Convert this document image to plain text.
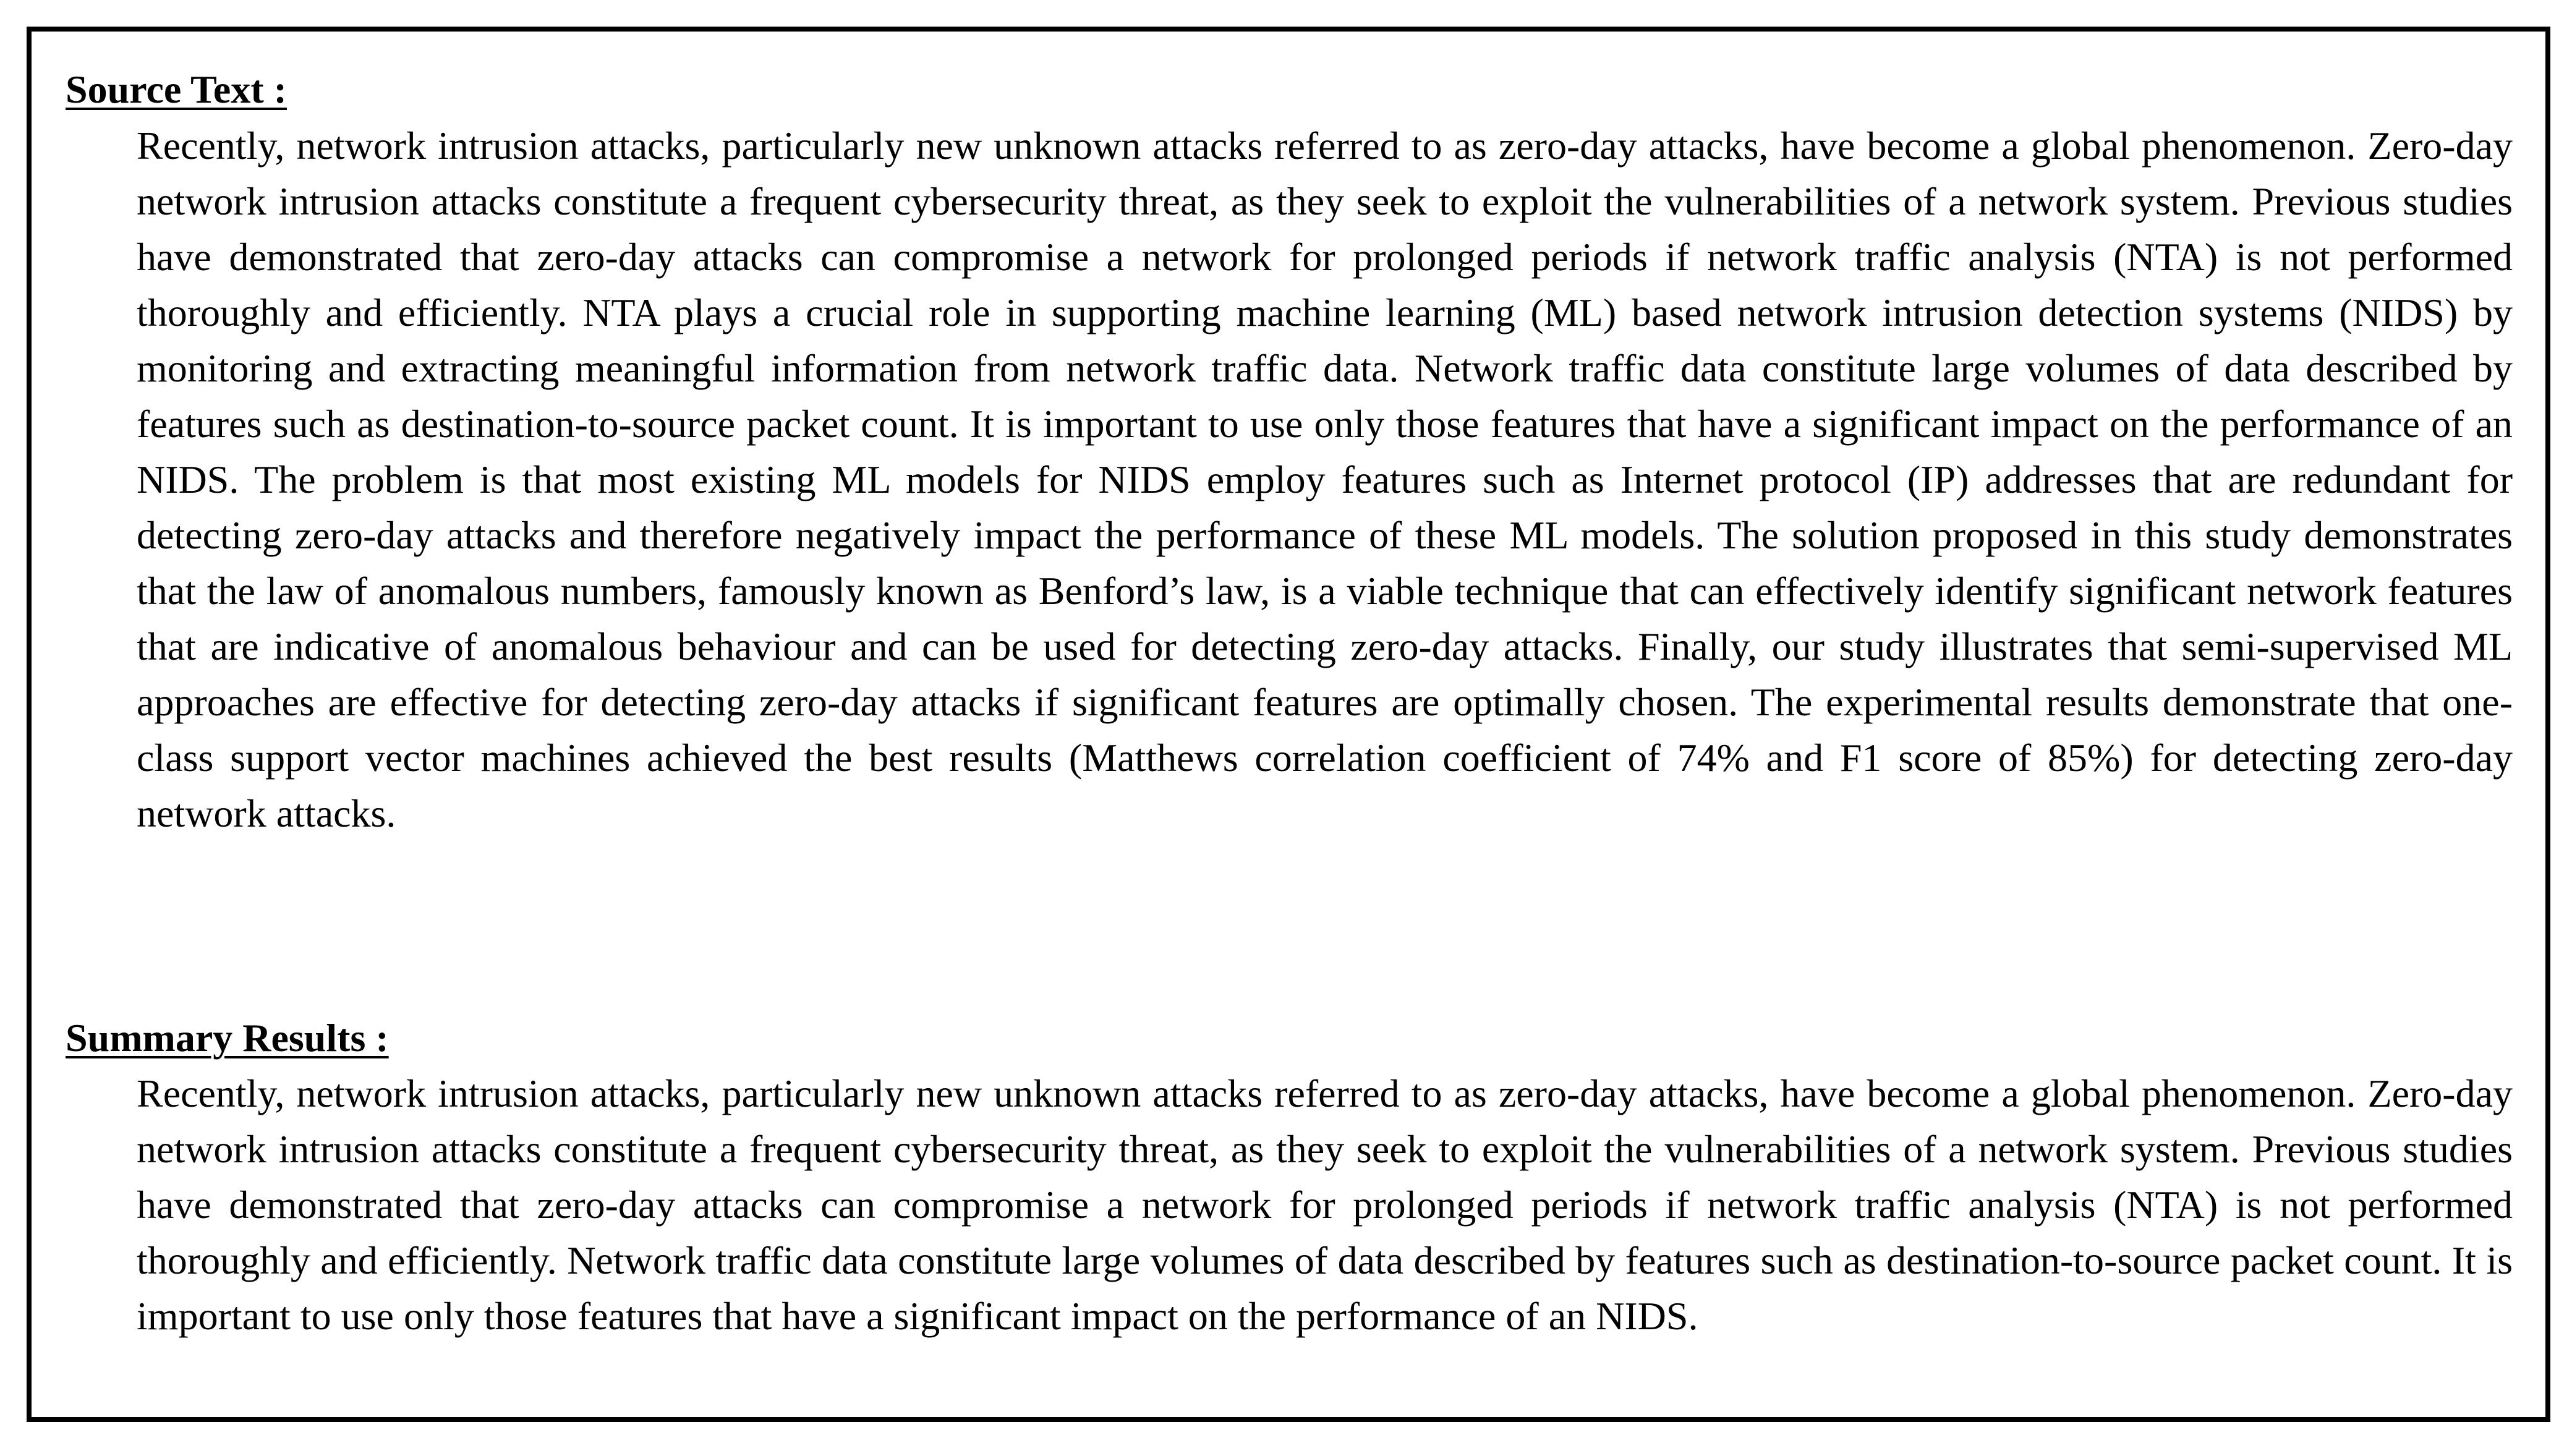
Source Text :

Recently, network intrusion attacks, particularly new unknown attacks referred to as zero-day attacks, have become a global phenomenon. Zero-day network intrusion attacks constitute a frequent cybersecurity threat, as they seek to exploit the vulnerabilities of a network system. Previous studies have demonstrated that zero-day attacks can compromise a network for prolonged periods if network traffic analysis (NTA) is not performed thoroughly and efficiently. NTA plays a crucial role in supporting machine learning (ML) based network intrusion detection systems (NIDS) by monitoring and extracting meaningful information from network traffic data. Network traffic data constitute large volumes of data described by features such as destination-to-source packet count. It is important to use only those features that have a significant impact on the performance of an NIDS. The problem is that most existing ML models for NIDS employ features such as Internet protocol (IP) addresses that are redundant for detecting zero-day attacks and therefore negatively impact the performance of these ML models. The solution proposed in this study demonstrates that the law of anomalous numbers, famously known as Benford’s law, is a viable technique that can effectively identify significant network features that are indicative of anomalous behaviour and can be used for detecting zero-day attacks. Finally, our study illustrates that semi-supervised ML approaches are effective for detecting zero-day attacks if significant features are optimally chosen. The experimental results demonstrate that one-class support vector machines achieved the best results (Matthews correlation coefficient of 74% and F1 score of 85%) for detecting zero-day network attacks.

Summary Results :

Recently, network intrusion attacks, particularly new unknown attacks referred to as zero-day attacks, have become a global phenomenon. Zero-day network intrusion attacks constitute a frequent cybersecurity threat, as they seek to exploit the vulnerabilities of a network system. Previous studies have demonstrated that zero-day attacks can compromise a network for prolonged periods if network traffic analysis (NTA) is not performed thoroughly and efficiently. Network traffic data constitute large volumes of data described by features such as destination-to-source packet count. It is important to use only those features that have a significant impact on the performance of an NIDS.
